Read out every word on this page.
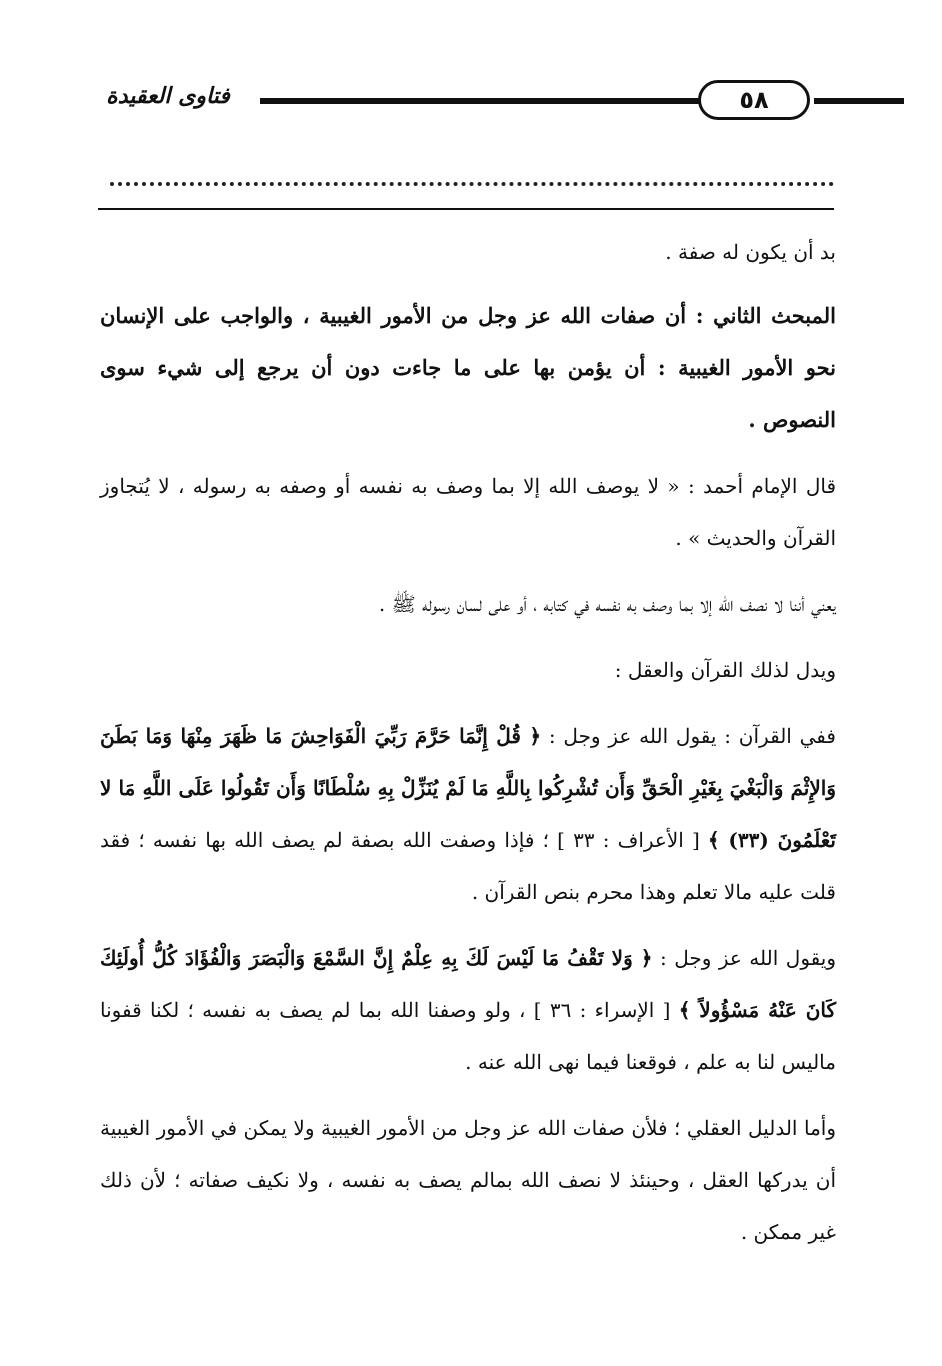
فتاوى العقيدة	٥٨

بد أن يكون له صفة .

المبحث الثاني : أن صفات الله عز وجل من الأمور الغيبية ، والواجب على الإنسان نحو الأمور الغيبية : أن يؤمن بها على ما جاءت دون أن يرجع إلى شيء سوى النصوص .

قال الإمام أحمد : « لا يوصف الله إلا بما وصف به نفسه أو وصفه به رسوله ، لا يُتجاوز القرآن والحديث » .

يعني أننا لا نصف الله إلا بما وصف به نفسه في كتابه ، أو على لسان رسوله ﷺ .

ويدل لذلك القرآن والعقل :

ففي القرآن : يقول الله عز وجل : ﴿ قُلْ إِنَّمَا حَرَّمَ رَبِّيَ الْفَوَاحِشَ مَا ظَهَرَ مِنْهَا وَمَا بَطَنَ وَالإِثْمَ وَالْبَغْيَ بِغَيْرِ الْحَقِّ وَأَن تُشْرِكُوا بِاللَّهِ مَا لَمْ يُنَزِّلْ بِهِ سُلْطَانًا وَأَن تَقُولُوا عَلَى اللَّهِ مَا لا تَعْلَمُونَ (٣٣) ﴾ [ الأعراف : ٣٣ ] ؛ فإذا وصفت الله بصفة لم يصف الله بها نفسه ؛ فقد قلت عليه مالا تعلم وهذا محرم بنص القرآن .

ويقول الله عز وجل : ﴿ وَلا تَقْفُ مَا لَيْسَ لَكَ بِهِ عِلْمٌ إِنَّ السَّمْعَ وَالْبَصَرَ وَالْفُؤَادَ كُلُّ أُولَئِكَ كَانَ عَنْهُ مَسْؤُولاً ﴾ [ الإسراء : ٣٦ ] ، ولو وصفنا الله بما لم يصف به نفسه ؛ لكنا قفونا ماليس لنا به علم ، فوقعنا فيما نهى الله عنه .

وأما الدليل العقلي ؛ فلأن صفات الله عز وجل من الأمور الغيبية ولا يمكن في الأمور الغيبية أن يدركها العقل ، وحينئذ لا نصف الله بمالم يصف به نفسه ، ولا نكيف صفاته ؛ لأن ذلك غير ممكن .
